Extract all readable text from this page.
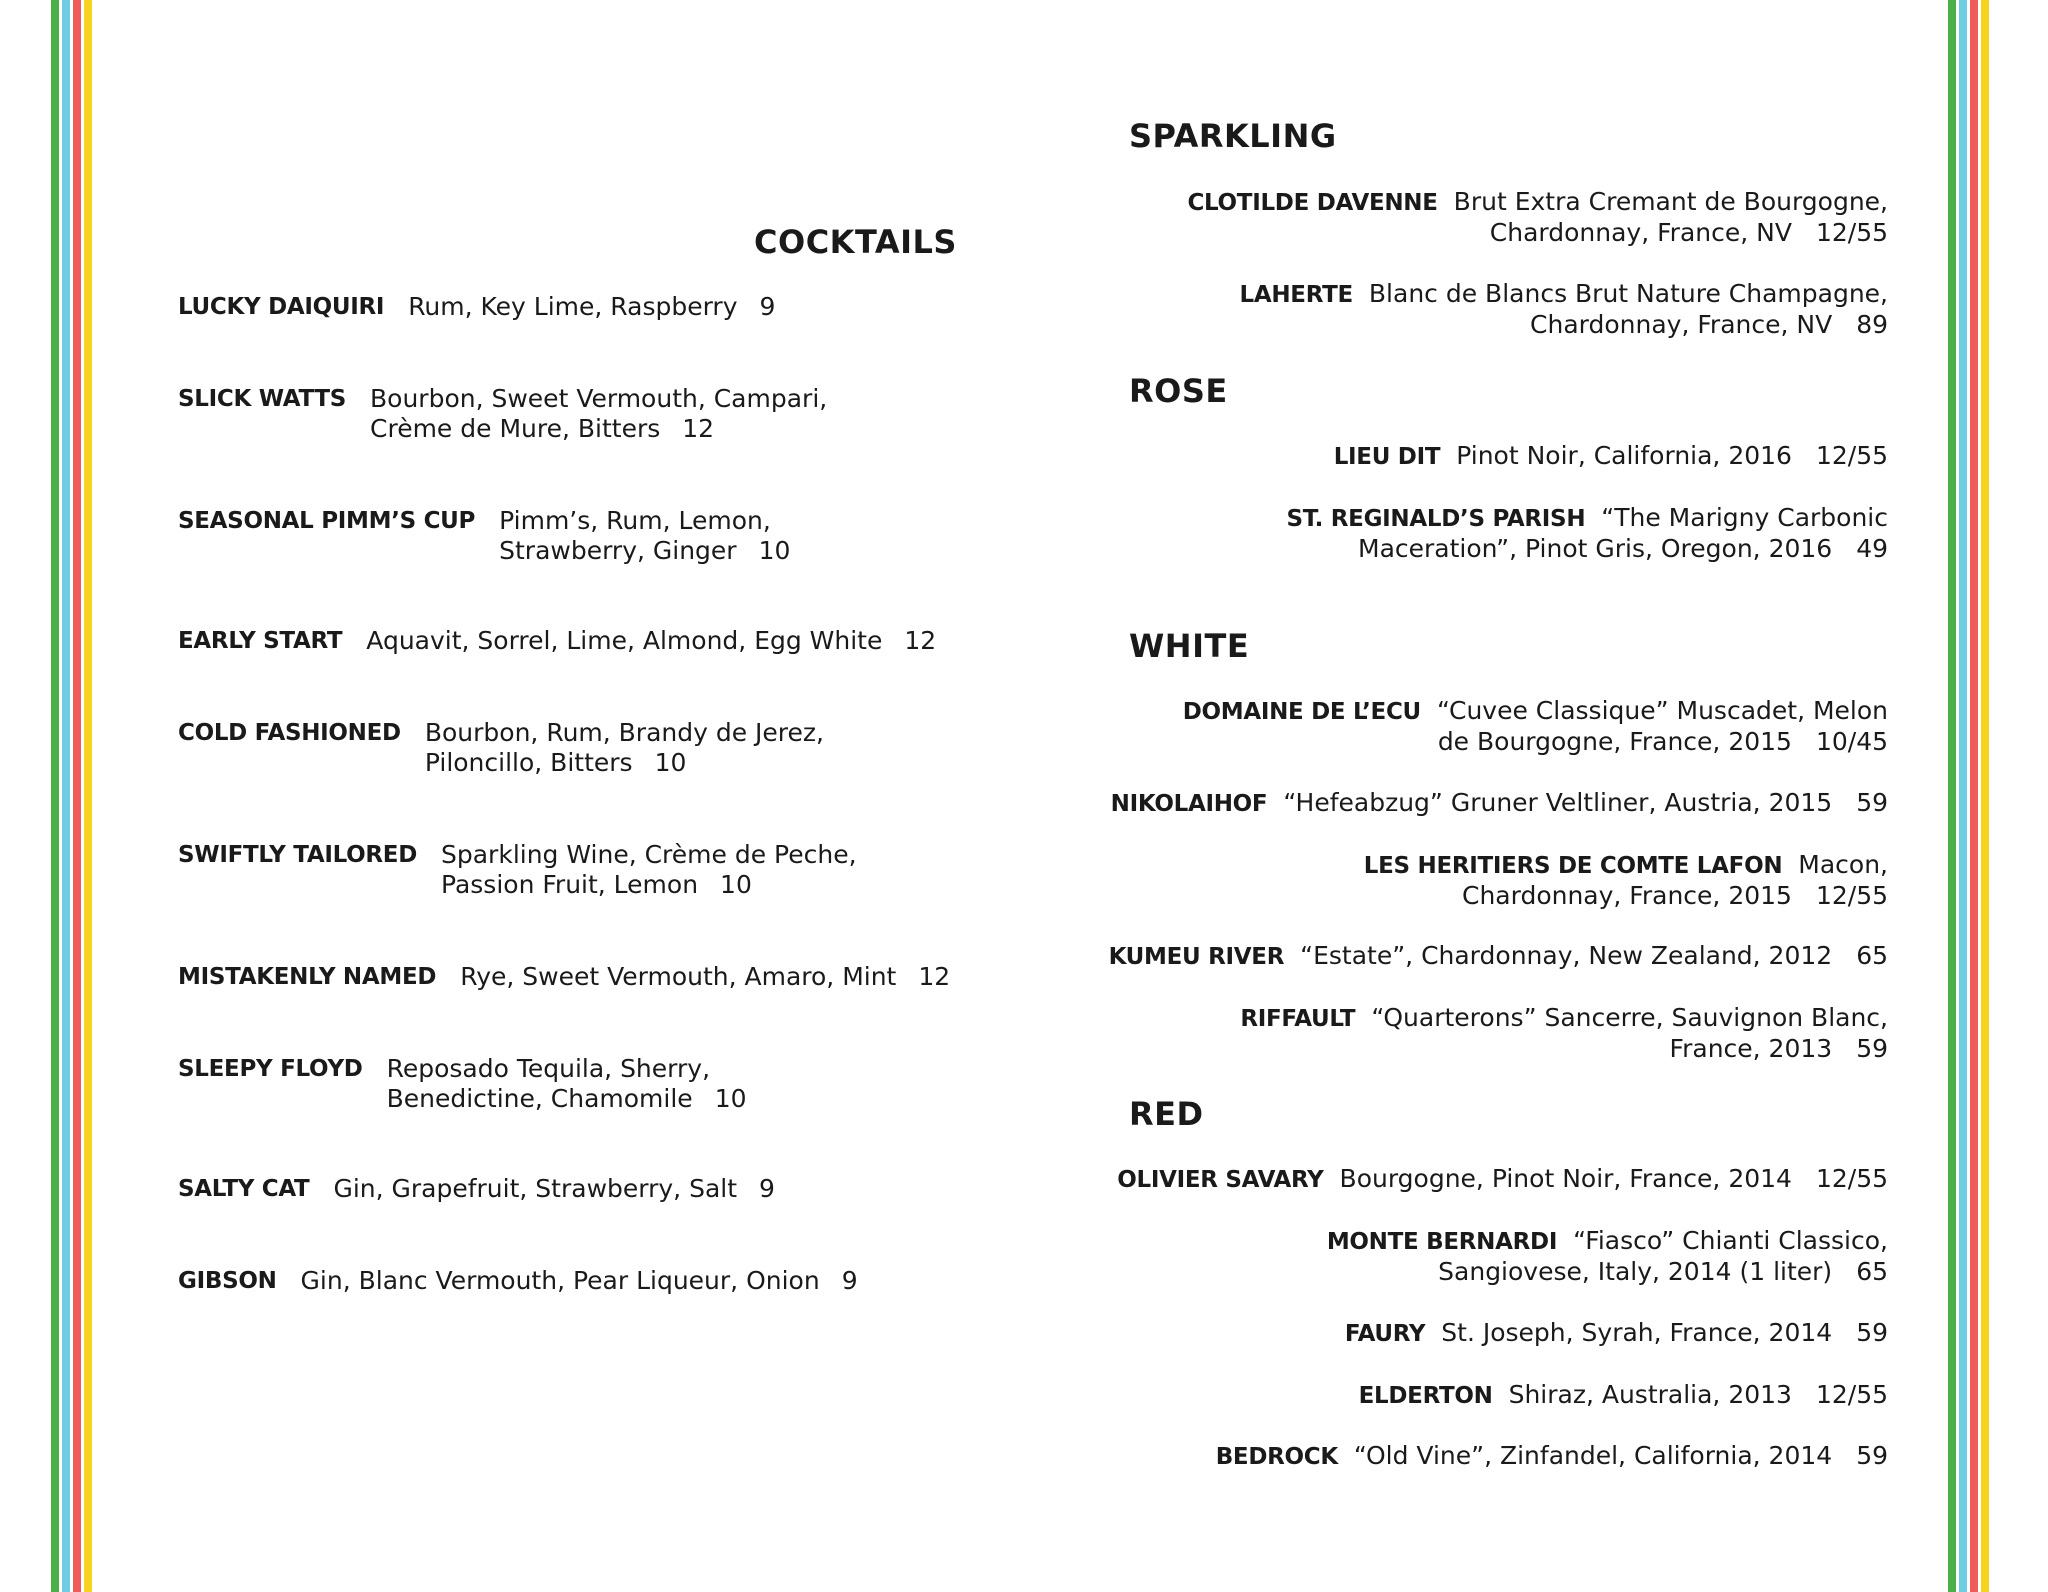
COCKTAILS
LUCKY DAIQUIRI Rum, Key Lime, Raspberry 9
SLICK WATTS Bourbon, Sweet Vermouth, Campari,
Crème de Mure, Bitters 12
SEASONAL PIMM’S CUP Pimm’s, Rum, Lemon,
Strawberry, Ginger 10
EARLY START Aquavit, Sorrel, Lime, Almond, Egg White 12
COLD FASHIONED Bourbon, Rum, Brandy de Jerez,
Piloncillo, Bitters 10
SWIFTLY TAILORED Sparkling Wine, Crème de Peche,
Passion Fruit, Lemon 10
MISTAKENLY NAMED Rye, Sweet Vermouth, Amaro, Mint 12
SLEEPY FLOYD Reposado Tequila, Sherry,
Benedictine, Chamomile 10
SALTY CAT Gin, Grapefruit, Strawberry, Salt 9
GIBSON Gin, Blanc Vermouth, Pear Liqueur, Onion 9
SPARKLING
ROSE
WHITE
RED
CLOTILDE DAVENNE Brut Extra Cremant de Bourgogne,
Chardonnay, France, NV 12/55
LAHERTE Blanc de Blancs Brut Nature Champagne,
Chardonnay, France, NV 89
LIEU DIT Pinot Noir, California, 2016 12/55
ST. REGINALD’S PARISH “The Marigny Carbonic
Maceration”, Pinot Gris, Oregon, 2016 49
DOMAINE DE L’ECU “Cuvee Classique” Muscadet, Melon
de Bourgogne, France, 2015 10/45
NIKOLAIHOF “Hefeabzug” Gruner Veltliner, Austria, 2015 59
LES HERITIERS DE COMTE LAFON Macon,
Chardonnay, France, 2015 12/55
KUMEU RIVER “Estate”, Chardonnay, New Zealand, 2012 65
RIFFAULT “Quarterons” Sancerre, Sauvignon Blanc,
France, 2013 59
OLIVIER SAVARY Bourgogne, Pinot Noir, France, 2014 12/55
MONTE BERNARDI “Fiasco” Chianti Classico,
Sangiovese, Italy, 2014 (1 liter) 65
FAURY St. Joseph, Syrah, France, 2014 59
ELDERTON Shiraz, Australia, 2013 12/55
BEDROCK “Old Vine”, Zinfandel, California, 2014 59
